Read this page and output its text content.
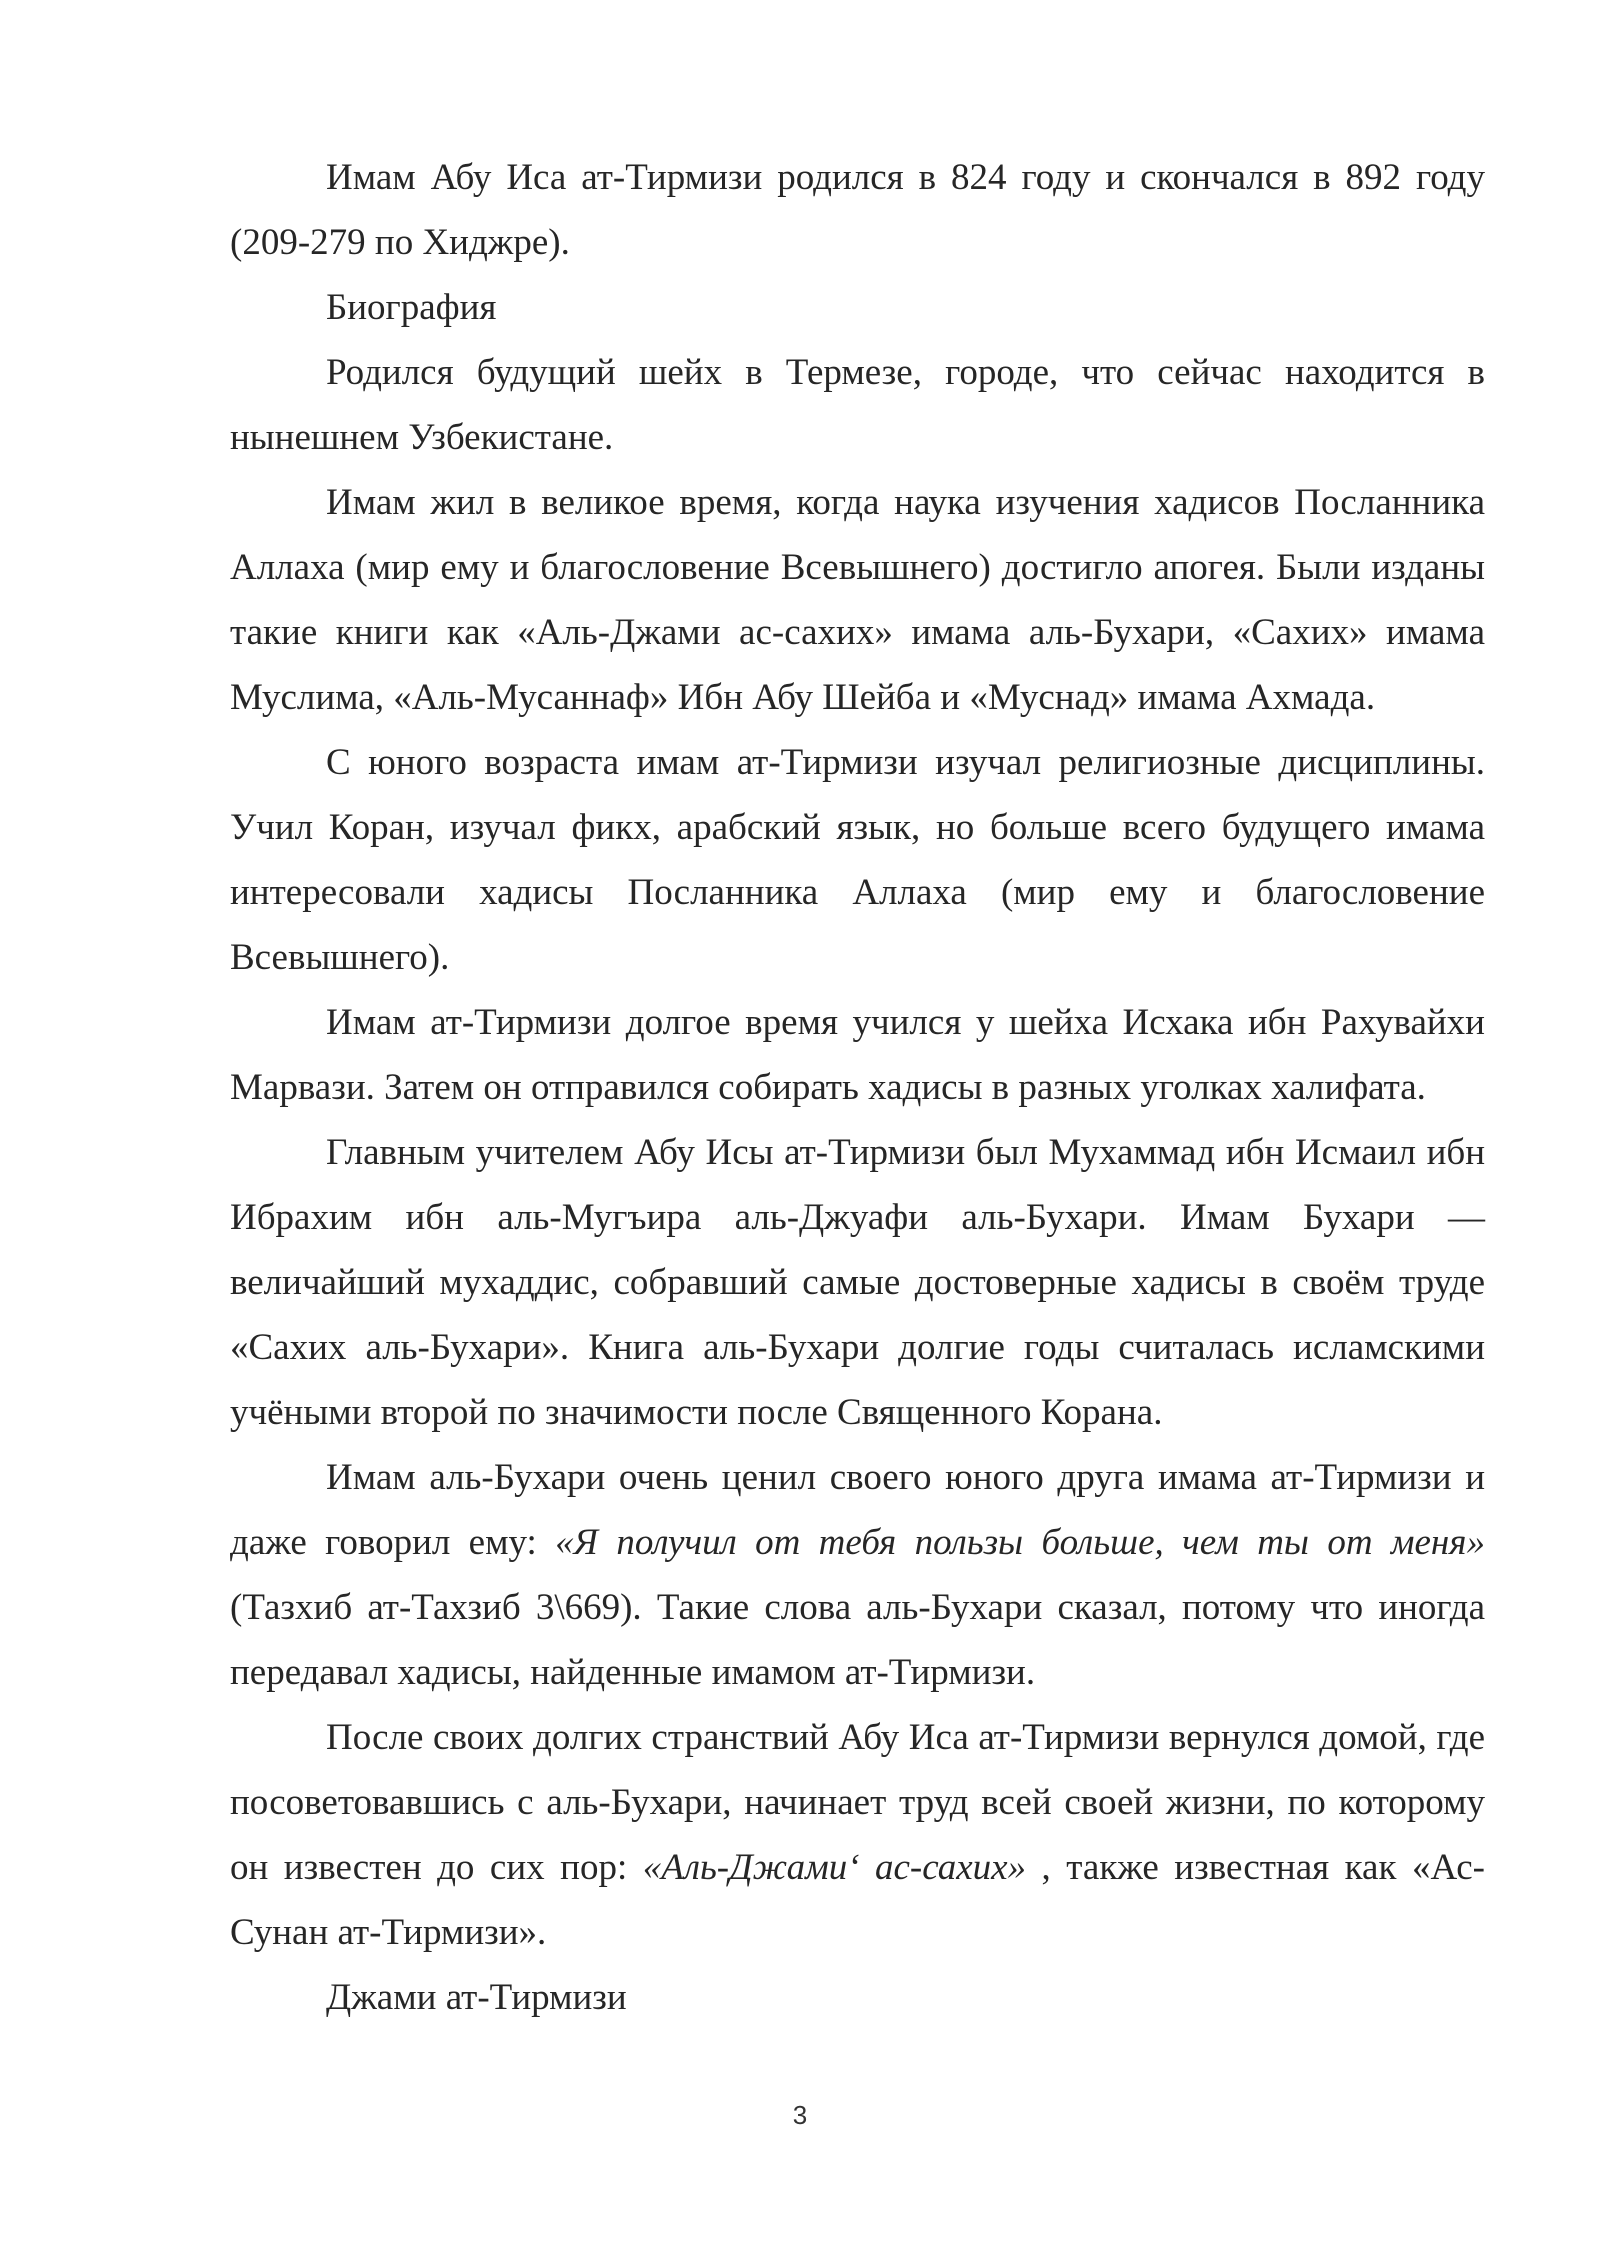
Имам Абу Иса ат-Тирмизи родился в 824 году и скончался в 892 году (209-279 по Хиджре).

Биография

Родился будущий шейх в Термезе, городе, что сейчас находится в нынешнем Узбекистане.

Имам жил в великое время, когда наука изучения хадисов Посланника Аллаха (мир ему и благословение Всевышнего) достигло апогея. Были изданы такие книги как «Аль-Джами ас-сахих» имама аль-Бухари, «Сахих» имама Муслима, «Аль-Мусаннаф» Ибн Абу Шейба и «Муснад» имама Ахмада.

С юного возраста имам ат-Тирмизи изучал религиозные дисциплины. Учил Коран, изучал фикх, арабский язык, но больше всего будущего имама интересовали хадисы Посланника Аллаха (мир ему и благословение Всевышнего).

Имам ат-Тирмизи долгое время учился у шейха Исхака ибн Рахувайхи Марвази. Затем он отправился собирать хадисы в разных уголках халифата.

Главным учителем Абу Исы ат-Тирмизи был Мухаммад ибн Исмаил ибн Ибрахим ибн аль-Мугъира аль-Джуафи аль-Бухари. Имам Бухари — величайший мухаддис, собравший самые достоверные хадисы в своём труде «Сахих аль-Бухари». Книга аль-Бухари долгие годы считалась исламскими учёными второй по значимости после Священного Корана.

Имам аль-Бухари очень ценил своего юного друга имама ат-Тирмизи и даже говорил ему: «Я получил от тебя пользы больше, чем ты от меня» (Тазхиб ат-Тахзиб 3\669). Такие слова аль-Бухари сказал, потому что иногда передавал хадисы, найденные имамом ат-Тирмизи.

После своих долгих странствий Абу Иса ат-Тирмизи вернулся домой, где посоветовавшись с аль-Бухари, начинает труд всей своей жизни, по которому он известен до сих пор: «Аль-Джами‘ ас-сахих» , также известная как «Ас-Сунан ат-Тирмизи».

Джами ат-Тирмизи

3
